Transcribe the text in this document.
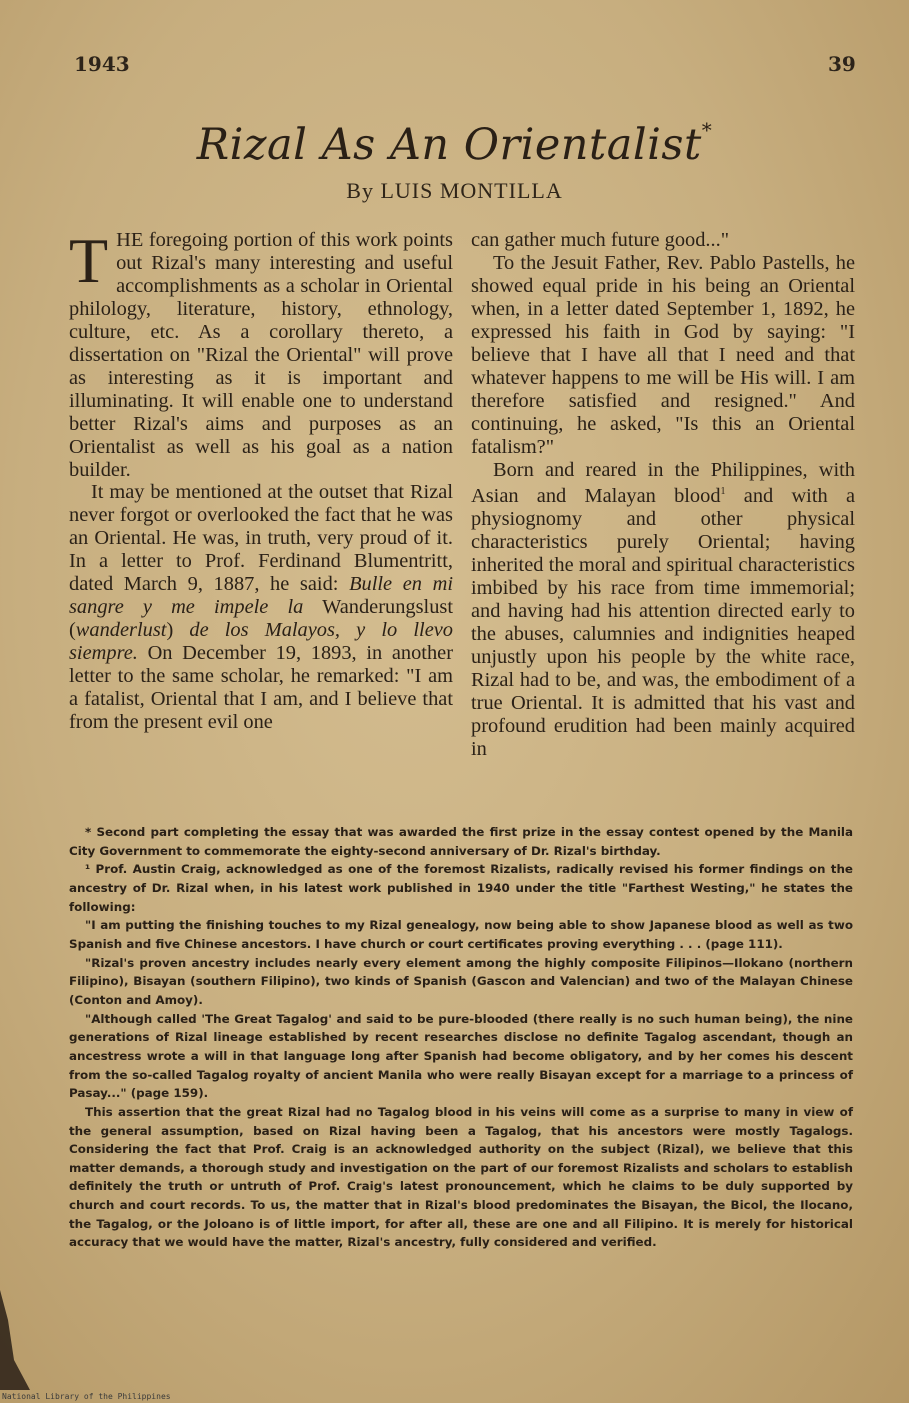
1943	39
Rizal As An Orientalist*
By LUIS MONTILLA

THE foregoing portion of this work points out Rizal's many interesting and useful accomplishments as a scholar in Oriental philology, literature, history, ethnology, culture, etc. As a corollary thereto, a dissertation on "Rizal the Oriental" will prove as interesting as it is important and illuminating. It will enable one to understand better Rizal's aims and purposes as an Orientalist as well as his goal as a nation builder.

It may be mentioned at the outset that Rizal never forgot or overlooked the fact that he was an Oriental. He was, in truth, very proud of it. In a letter to Prof. Ferdinand Blumentritt, dated March 9, 1887, he said: Bulle en mi sangre y me impele la Wanderungslust (wanderlust) de los Malayos, y lo llevo siempre. On December 19, 1893, in another letter to the same scholar, he remarked: "I am a fatalist, Oriental that I am, and I believe that from the present evil one

can gather much future good..."

To the Jesuit Father, Rev. Pablo Pastells, he showed equal pride in his being an Oriental when, in a letter dated September 1, 1892, he expressed his faith in God by saying: "I believe that I have all that I need and that whatever happens to me will be His will. I am therefore satisfied and resigned." And continuing, he asked, "Is this an Oriental fatalism?"

Born and reared in the Philippines, with Asian and Malayan blood$^1$ and with a physiognomy and other physical characteristics purely Oriental; having inherited the moral and spiritual characteristics imbibed by his race from time immemorial; and having had his attention directed early to the abuses, calumnies and indignities heaped unjustly upon his people by the white race, Rizal had to be, and was, the embodiment of a true Oriental. It is admitted that his vast and profound erudition had been mainly acquired in

* Second part completing the essay that was awarded the first prize in the essay contest opened by the Manila City Government to commemorate the eighty-second anniversary of Dr. Rizal's birthday.

¹ Prof. Austin Craig, acknowledged as one of the foremost Rizalists, radically revised his former findings on the ancestry of Dr. Rizal when, in his latest work published in 1940 under the title "Farthest Westing," he states the following:

"I am putting the finishing touches to my Rizal genealogy, now being able to show Japanese blood as well as two Spanish and five Chinese ancestors. I have church or court certificates proving everything . . . (page 111).

"Rizal's proven ancestry includes nearly every element among the highly composite Filipinos—Ilokano (northern Filipino), Bisayan (southern Filipino), two kinds of Spanish (Gascon and Valencian) and two of the Malayan Chinese (Conton and Amoy).

"Although called 'The Great Tagalog' and said to be pure-blooded (there really is no such human being), the nine generations of Rizal lineage established by recent researches disclose no definite Tagalog ascendant, though an ancestress wrote a will in that language long after Spanish had become obligatory, and by her comes his descent from the so-called Tagalog royalty of ancient Manila who were really Bisayan except for a marriage to a princess of Pasay..." (page 159).

This assertion that the great Rizal had no Tagalog blood in his veins will come as a surprise to many in view of the general assumption, based on Rizal having been a Tagalog, that his ancestors were mostly Tagalogs. Considering the fact that Prof. Craig is an acknowledged authority on the subject (Rizal), we believe that this matter demands, a thorough study and investigation on the part of our foremost Rizalists and scholars to establish definitely the truth or untruth of Prof. Craig's latest pronouncement, which he claims to be duly supported by church and court records. To us, the matter that in Rizal's blood predominates the Bisayan, the Bicol, the Ilocano, the Tagalog, or the Joloano is of little import, for after all, these are one and all Filipino. It is merely for historical accuracy that we would have the matter, Rizal's ancestry, fully considered and verified.

National Library of the Philippines
